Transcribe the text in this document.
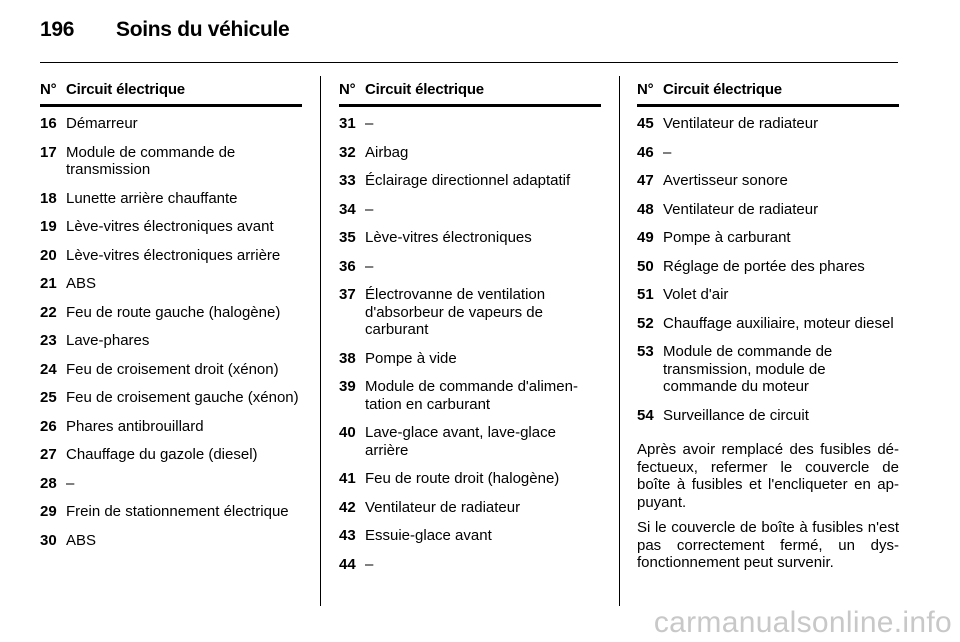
196 Soins du véhicule
N° Circuit électrique
16 Démarreur
17 Module de commande de transmission
18 Lunette arrière chauffante
19 Lève-vitres électroniques avant
20 Lève-vitres électroniques arrière
21 ABS
22 Feu de route gauche (halogène)
23 Lave-phares
24 Feu de croisement droit (xénon)
25 Feu de croisement gauche (xénon)
26 Phares antibrouillard
27 Chauffage du gazole (diesel)
28 –
29 Frein de stationnement électrique
30 ABS
N° Circuit électrique
31 –
32 Airbag
33 Éclairage directionnel adaptatif
34 –
35 Lève-vitres électroniques
36 –
37 Électrovanne de ventilation d'absorbeur de vapeurs de carburant
38 Pompe à vide
39 Module de commande d'alimen-tation en carburant
40 Lave-glace avant, lave-glace arrière
41 Feu de route droit (halogène)
42 Ventilateur de radiateur
43 Essuie-glace avant
44 –
N° Circuit électrique
45 Ventilateur de radiateur
46 –
47 Avertisseur sonore
48 Ventilateur de radiateur
49 Pompe à carburant
50 Réglage de portée des phares
51 Volet d'air
52 Chauffage auxiliaire, moteur diesel
53 Module de commande de transmission, module de commande du moteur
54 Surveillance de circuit

Après avoir remplacé des fusibles dé-fectueux, refermer le couvercle de boîte à fusibles et l'encliqueter en ap-puyant.

Si le couvercle de boîte à fusibles n'est pas correctement fermé, un dys-fonctionnement peut survenir.

carmanualsonline.info
